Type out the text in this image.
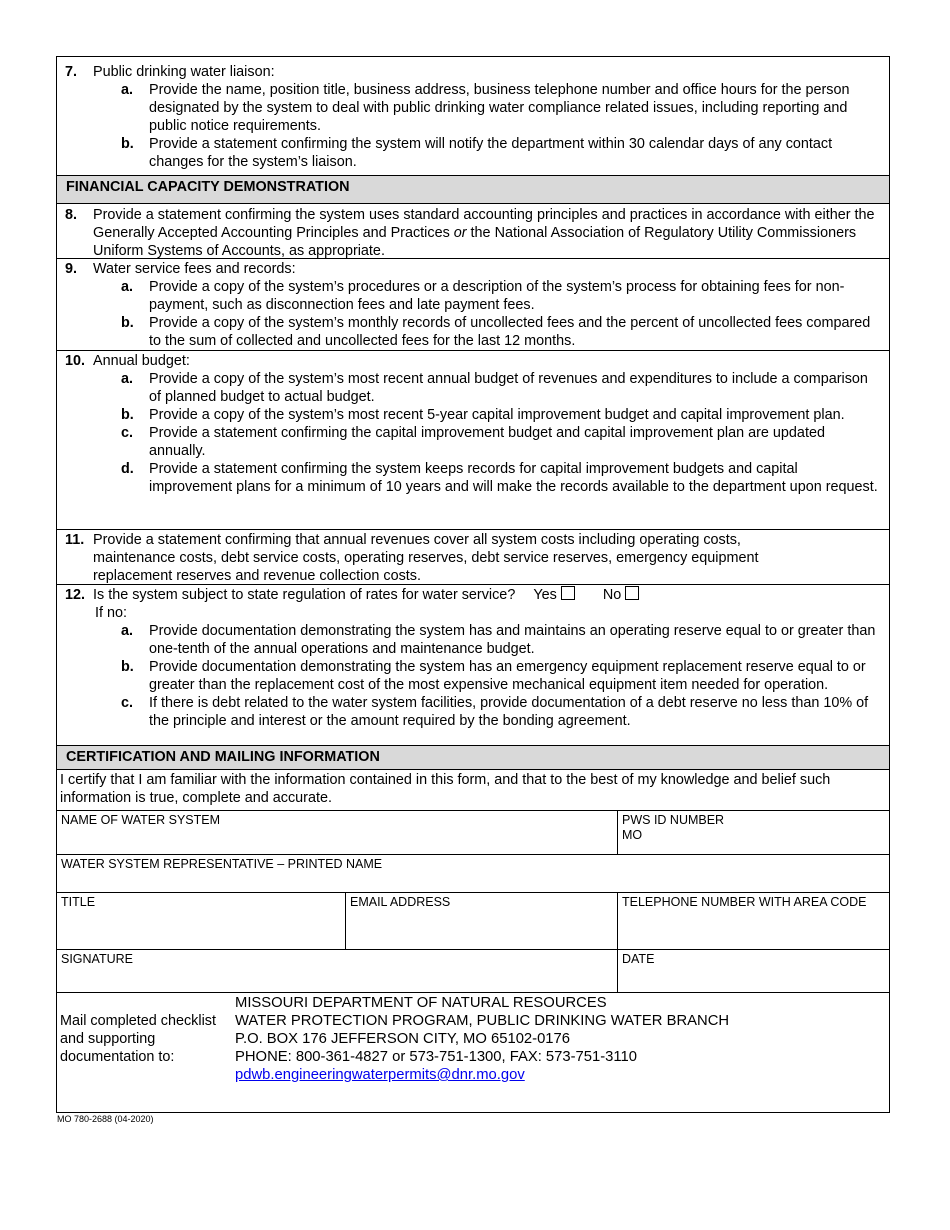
7. Public drinking water liaison:
a. Provide the name, position title, business address, business telephone number and office hours for the person designated by the system to deal with public drinking water compliance related issues, including reporting and public notice requirements.
b. Provide a statement confirming the system will notify the department within 30 calendar days of any contact changes for the system’s liaison.
FINANCIAL CAPACITY DEMONSTRATION
8. Provide a statement confirming the system uses standard accounting principles and practices in accordance with either the Generally Accepted Accounting Principles and Practices or the National Association of Regulatory Utility Commissioners Uniform Systems of Accounts, as appropriate.
9. Water service fees and records:
a. Provide a copy of the system’s procedures or a description of the system’s process for obtaining fees for non-payment, such as disconnection fees and late payment fees.
b. Provide a copy of the system’s monthly records of uncollected fees and the percent of uncollected fees compared to the sum of collected and uncollected fees for the last 12 months.
10. Annual budget:
a. Provide a copy of the system’s most recent annual budget of revenues and expenditures to include a comparison of planned budget to actual budget.
b. Provide a copy of the system’s most recent 5-year capital improvement budget and capital improvement plan.
c. Provide a statement confirming the capital improvement budget and capital improvement plan are updated annually.
d. Provide a statement confirming the system keeps records for capital improvement budgets and capital improvement plans for a minimum of 10 years and will make the records available to the department upon request.
11. Provide a statement confirming that annual revenues cover all system costs including operating costs, maintenance costs, debt service costs, operating reserves, debt service reserves, emergency equipment replacement reserves and revenue collection costs.
12. Is the system subject to state regulation of rates for water service? Yes	No
If no:
a. Provide documentation demonstrating the system has and maintains an operating reserve equal to or greater than one-tenth of the annual operations and maintenance budget.
b. Provide documentation demonstrating the system has an emergency equipment replacement reserve equal to or greater than the replacement cost of the most expensive mechanical equipment item needed for operation.
c. If there is debt related to the water system facilities, provide documentation of a debt reserve no less than 10% of the principle and interest or the amount required by the bonding agreement.
CERTIFICATION AND MAILING INFORMATION
I certify that I am familiar with the information contained in this form, and that to the best of my knowledge and belief such information is true, complete and accurate.
NAME OF WATER SYSTEM	PWS ID NUMBER
MO
WATER SYSTEM REPRESENTATIVE – PRINTED NAME
TITLE	EMAIL ADDRESS	TELEPHONE NUMBER WITH AREA CODE
SIGNATURE	DATE
Mail completed checklist and supporting documentation to:
MISSOURI DEPARTMENT OF NATURAL RESOURCES
WATER PROTECTION PROGRAM, PUBLIC DRINKING WATER BRANCH
P.O. BOX 176 JEFFERSON CITY, MO 65102-0176
PHONE: 800-361-4827 or 573-751-1300, FAX: 573-751-3110
pdwb.engineeringwaterpermits@dnr.mo.gov
MO 780-2688 (04-2020)
